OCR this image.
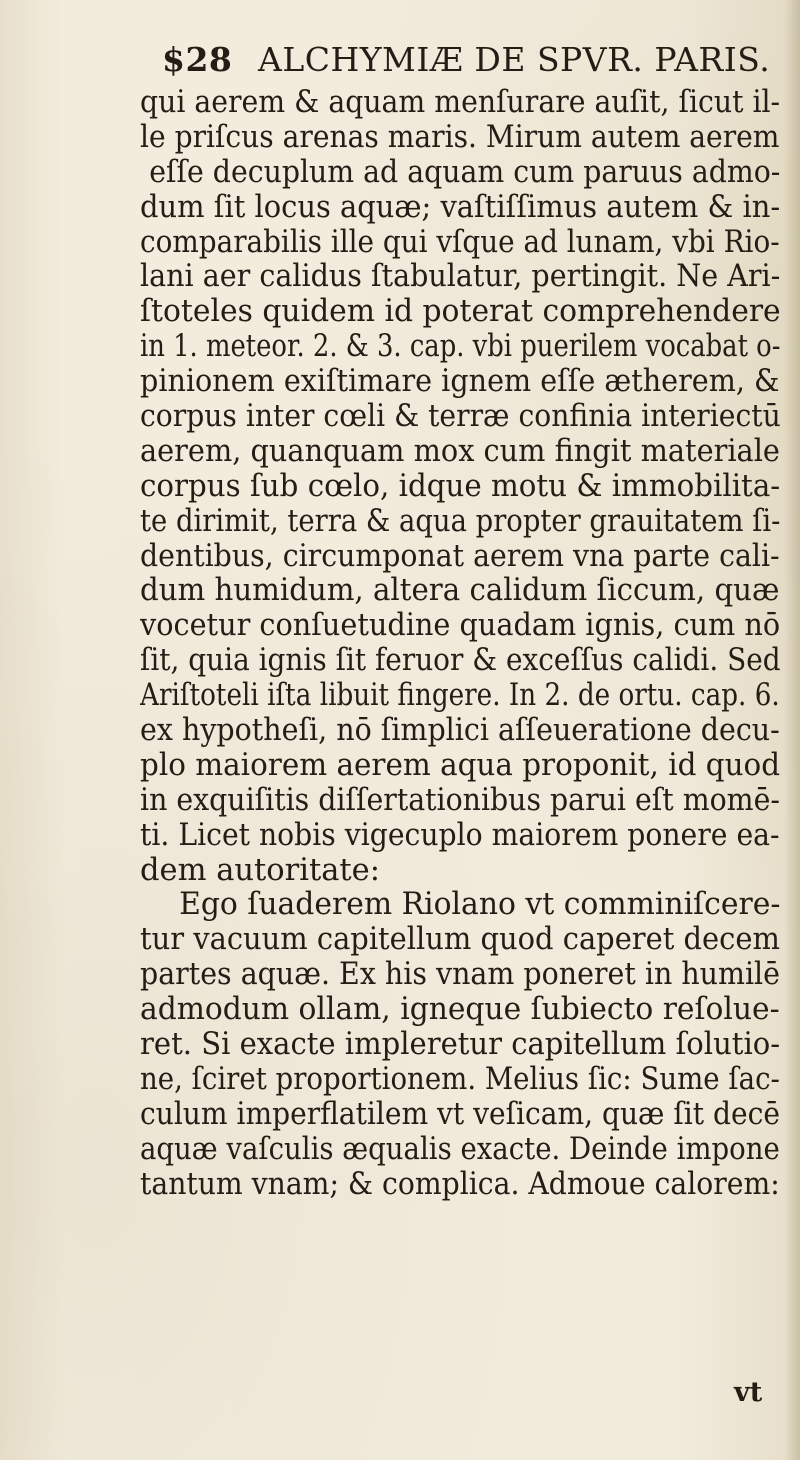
$28 ALCHYMIÆ DE SPVR. PARIS.
qui aerem & aquam menſurare auſit, ſicut il-
le priſcus arenas maris. Mirum autem aerem
eſſe decuplum ad aquam cum paruus admo-
dum ſit locus aquæ; vaſtiſſimus autem & in-
comparabilis ille qui vſque ad lunam, vbi Rio-
lani aer calidus ſtabulatur, pertingit. Ne Ari-
ſtoteles quidem id poterat comprehendere
in 1. meteor. 2. & 3. cap. vbi puerilem vocabat o-
pinionem exiſtimare ignem eſſe ætherem, &
corpus inter cœli & terræ confinia interiectū
aerem, quanquam mox cum fingit materiale
corpus ſub cœlo, idque motu & immobilita-
te dirimit, terra & aqua propter grauitatem ſi-
dentibus, circumponat aerem vna parte cali-
dum humidum, altera calidum ſiccum, quæ
vocetur conſuetudine quadam ignis, cum nō
ſit, quia ignis ſit feruor & exceſſus calidi. Sed
Ariſtoteli iſta libuit fingere. In 2. de ortu. cap. 6.
ex hypotheſi, nō ſimplici aſſeueratione decu-
plo maiorem aerem aqua proponit, id quod
in exquiſitis diſſertationibus parui eſt momē-
ti. Licet nobis vigecuplo maiorem ponere ea-
dem autoritate:
Ego ſuaderem Riolano vt comminiſcere-
tur vacuum capitellum quod caperet decem
partes aquæ. Ex his vnam poneret in humilē
admodum ollam, igneque ſubiecto reſolue-
ret. Si exacte impleretur capitellum ſolutio-
ne, ſciret proportionem. Melius ſic: Sume ſac-
culum imperflatilem vt veſicam, quæ ſit decē
aquæ vaſculis æqualis exacte. Deinde impone
tantum vnam; & complica. Admoue calorem:
vt
